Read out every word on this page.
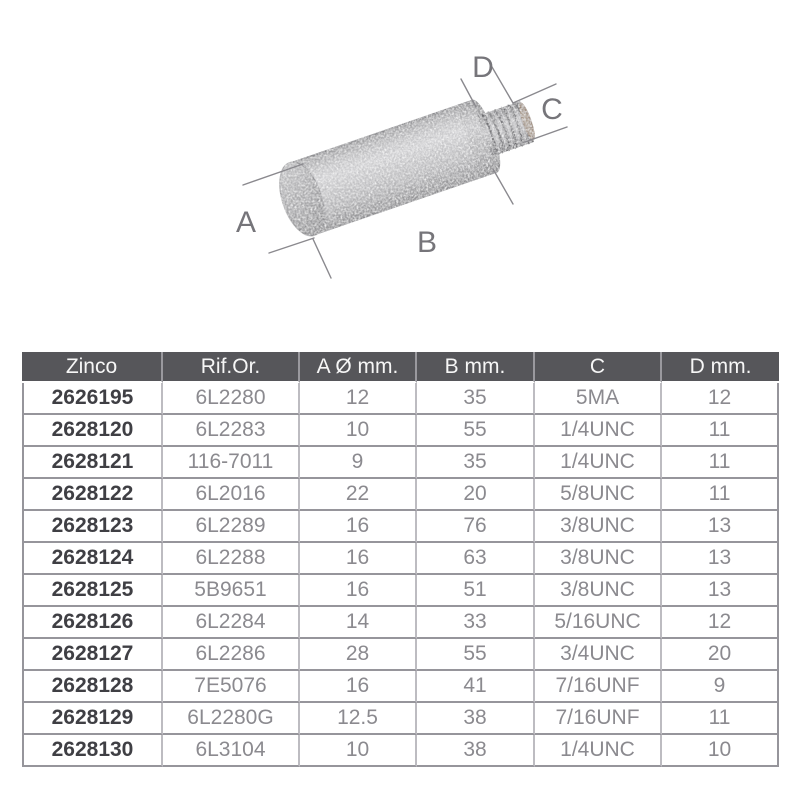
A
B
C
D
Zinco	Rif.Or.	A Ø mm.	B mm.	C	D mm.
2626195	6L2280	12	35	5MA	12
2628120	6L2283	10	55	1/4UNC	11
2628121	116-7011	9	35	1/4UNC	11
2628122	6L2016	22	20	5/8UNC	11
2628123	6L2289	16	76	3/8UNC	13
2628124	6L2288	16	63	3/8UNC	13
2628125	5B9651	16	51	3/8UNC	13
2628126	6L2284	14	33	5/16UNC	12
2628127	6L2286	28	55	3/4UNC	20
2628128	7E5076	16	41	7/16UNF	9
2628129	6L2280G	12.5	38	7/16UNF	11
2628130	6L3104	10	38	1/4UNC	10
